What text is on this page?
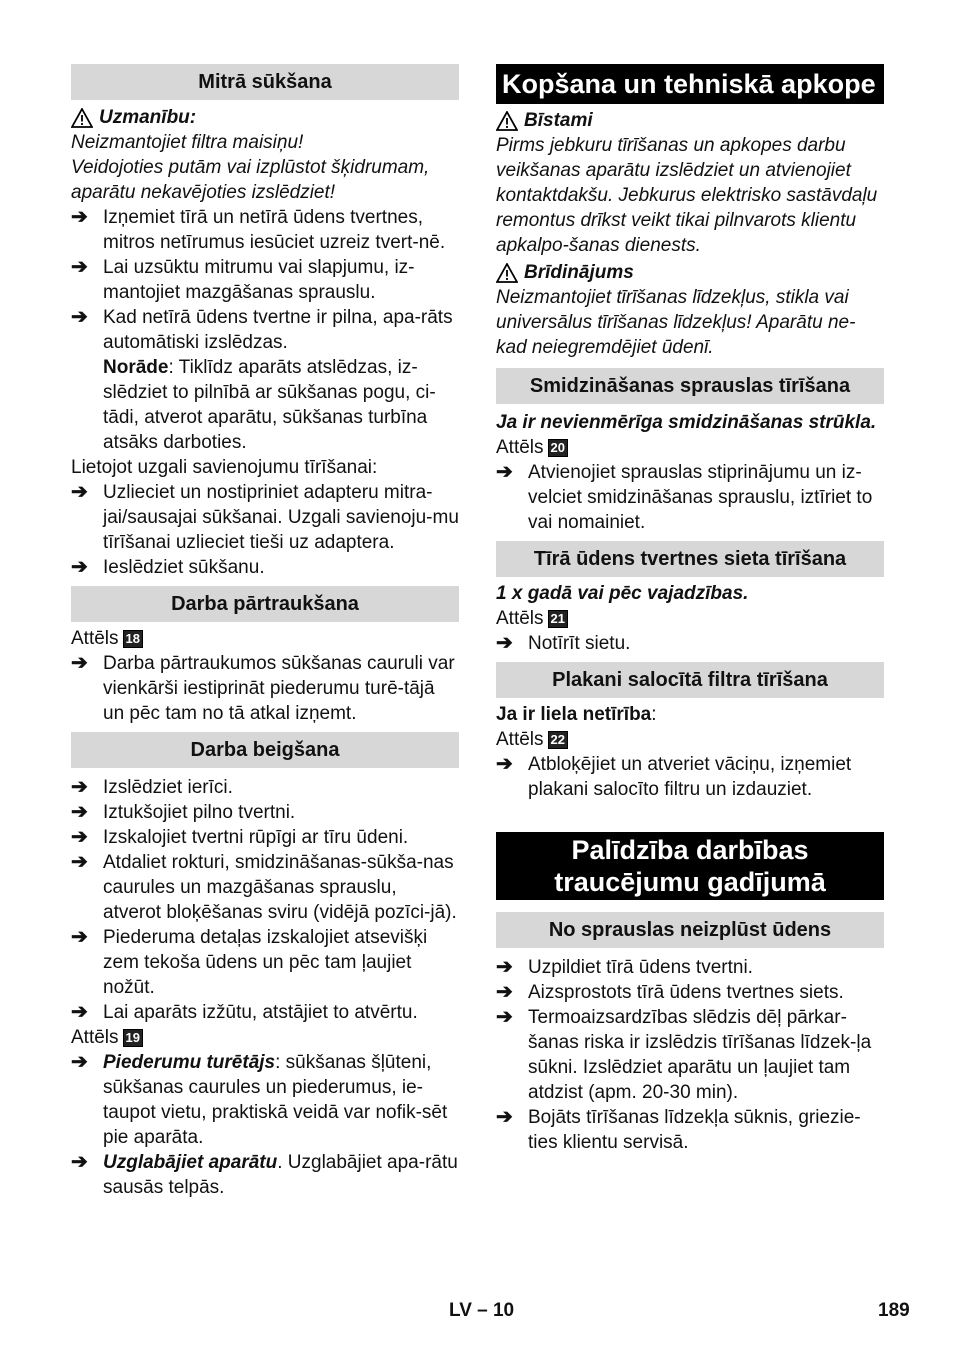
Mitrā sūkšana
Uzmanību:

Neizmantojiet filtra maisiņu!

Veidojoties putām vai izplūstot šķidrumam, aparātu nekavējoties izslēdziet!

➔ Izņemiet tīrā un netīrā ūdens tvertnes, mitros netīrumus iesūciet uzreiz tvert-nē.
➔ Lai uzsūktu mitrumu vai slapjumu, iz-mantojiet mazgāšanas sprauslu.
➔ Kad netīrā ūdens tvertne ir pilna, apa-rāts automātiski izslēdzas.
Norāde: Tiklīdz aparāts atslēdzas, iz-slēdziet to pilnībā ar sūkšanas pogu, ci-tādi, atverot aparātu, sūkšanas turbīna atsāks darboties.

Lietojot uzgali savienojumu tīrīšanai:

➔ Uzlieciet un nostipriniet adapteru mitra-jai/sausajai sūkšanai. Uzgali savienoju-mu tīrīšanai uzlieciet tieši uz adaptera.
➔ Ieslēdziet sūkšanu.
Darba pārtraukšana
Attēls 18
➔ Darba pārtraukumos sūkšanas cauruli var vienkārši iestiprināt piederumu turē-tājā un pēc tam no tā atkal izņemt.
Darba beigšana
➔ Izslēdziet ierīci.
➔ Iztukšojiet pilno tvertni.
➔ Izskalojiet tvertni rūpīgi ar tīru ūdeni.
➔ Atdaliet rokturi, smidzināšanas-sūkša-nas caurules un mazgāšanas sprauslu, atverot bloķēšanas sviru (vidējā pozīci-jā).
➔ Piederuma detaļas izskalojiet atsevišķi zem tekoša ūdens un pēc tam ļaujiet nožūt.
➔ Lai aparāts izžūtu, atstājiet to atvērtu.
Attēls 19
➔ Piederumu turētājs: sūkšanas šļūteni, sūkšanas caurules un piederumus, ie-taupot vietu, praktiskā veidā var nofik-sēt pie aparāta.
➔ Uzglabājiet aparātu. Uzglabājiet apa-rātu sausās telpās.
Kopšana un tehniskā apkope
Bīstami

Pirms jebkuru tīrīšanas un apkopes darbu veikšanas aparātu izslēdziet un atvienojiet kontaktdakšu. Jebkurus elektrisko sastāvdaļu remontus drīkst veikt tikai pilnvarots klientu apkalpo-šanas dienests.

Brīdinājums

Neizmantojiet tīrīšanas līdzekļus, stikla vai universālus tīrīšanas līdzekļus! Aparātu ne-kad neiegremdējiet ūdenī.

Smidzināšanas sprauslas tīrīšana

Ja ir nevienmērīga smidzināšanas strūkla.

Attēls 20
➔ Atvienojiet sprauslas stiprinājumu un iz-velciet smidzināšanas sprauslu, iztīriet to vai nomainiet.
Tīrā ūdens tvertnes sieta tīrīšana

1 x gadā vai pēc vajadzības.

Attēls 21
➔ Notīrīt sietu.
Plakani salocītā filtra tīrīšana

Ja ir liela netīrība:

Attēls 22
➔ Atbloķējiet un atveriet vāciņu, izņemiet plakani salocīto filtru un izdauziet.
Palīdzība darbības traucējumu gadījumā
No sprauslas neizplūst ūdens
➔ Uzpildiet tīrā ūdens tvertni.
➔ Aizsprostots tīrā ūdens tvertnes siets.
➔ Termoaizsardzības slēdzis dēļ pārkar-šanas riska ir izslēdzis tīrīšanas līdzek-ļa sūkni. Izslēdziet aparātu un ļaujiet tam atdzist (apm. 20-30 min).
➔ Bojāts tīrīšanas līdzekļa sūknis, griezie-ties klientu servisā.
LV – 10	189
